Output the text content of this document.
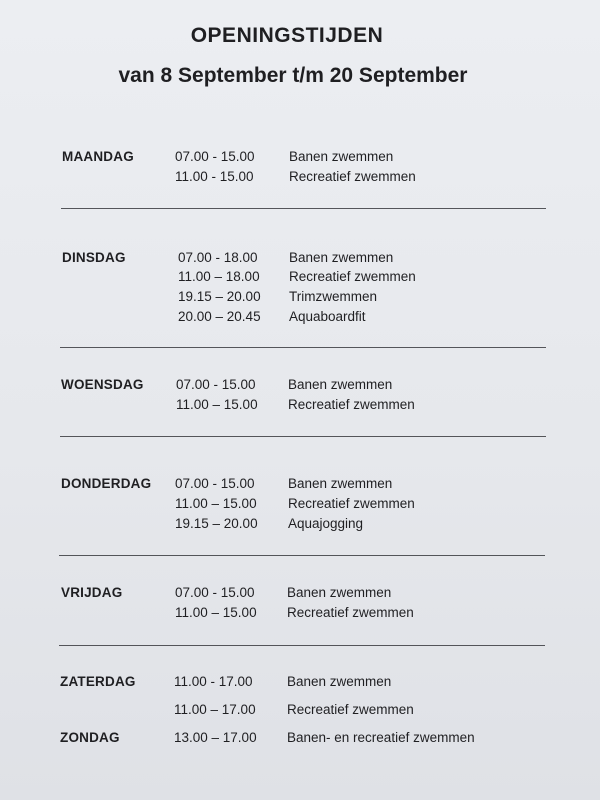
OPENINGSTIJDEN
van 8 September t/m 20 September
MAANDAG	07.00 - 15.00	Banen zwemmen
11.00 - 15.00	Recreatief zwemmen
DINSDAG	07.00 - 18.00 Banen zwemmen
11.00 – 18.00 Recreatief zwemmen
19.15 – 20.00 Trimzwemmen
20.00 – 20.45 Aquaboardfit
WOENSDAG 07.00 - 15.00 Banen zwemmen
11.00 – 15.00 Recreatief zwemmen
DONDERDAG 07.00 - 15.00 Banen zwemmen
11.00 – 15.00 Recreatief zwemmen
19.15 – 20.00 Aquajogging
VRIJDAG	07.00 - 15.00 Banen zwemmen
11.00 – 15.00 Recreatief zwemmen
ZATERDAG	11.00 - 17.00	Banen zwemmen
11.00 – 17.00 Recreatief zwemmen
ZONDAG	13.00 – 17.00 Banen- en recreatief zwemmen
